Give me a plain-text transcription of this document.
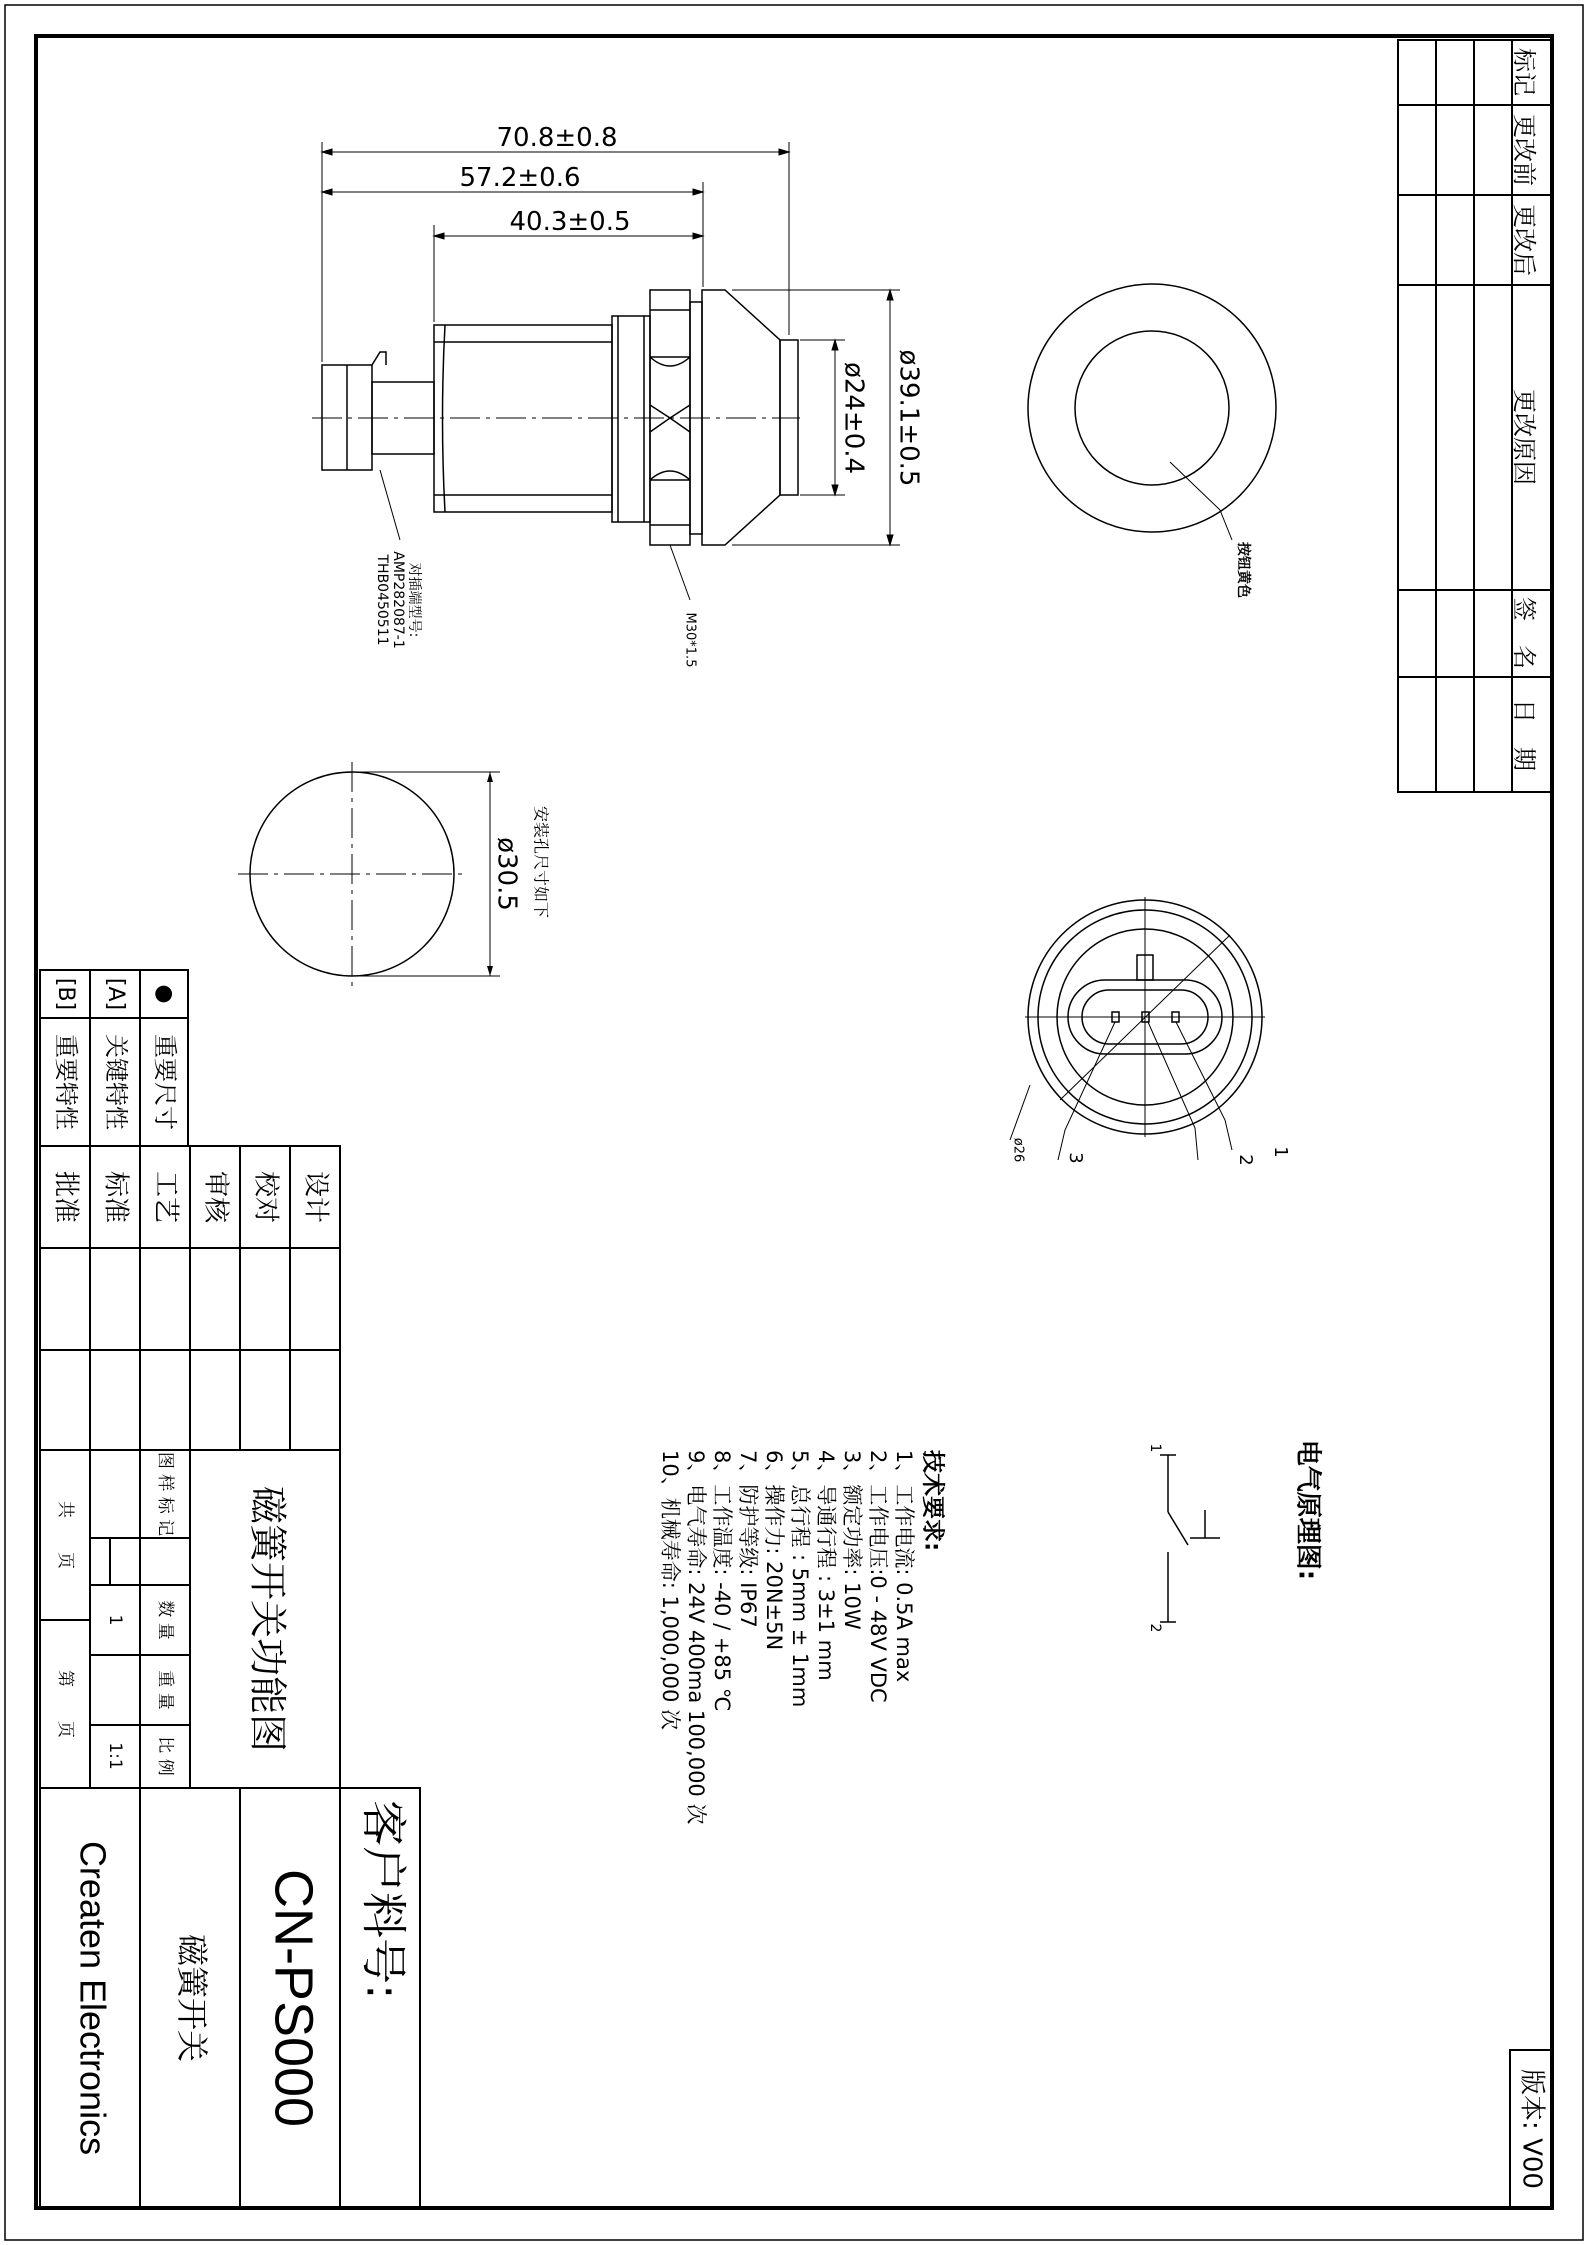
标记
更改前
更改后
更改原因
签　名
日　期
版本: V00
70.8±0.8
57.2±0.6
40.3±0.5
ø39.1±0.5
ø24±0.4
M30*1.5
对插端型号:
AMP282087-1
THB0450511	按钮黄色
ø30.5 安装孔尺寸如下
1
2
3
ø26
电气原理图:
1
2
技术要求:
1、工作电流: 0.5A max
2、工作电压:0 - 48V VDC
3、额定功率: 10W
4、导通行程 : 3±1 mm
5、总行程 : 5mm ± 1mm
6、操作力: 20N±5N
7、防护等级: IP67
8、工作温度: -40 / +85 ℃
9、电气寿命: 24V 400ma 100,000 次
10、机械寿命: 1,000,000 次
●
[A]
[B]
重要尺寸
关键特性
重要特性
设计
校对
审核
工艺
标准
批准
磁簧开关功能图
图 样 标 记
数 量
重 量
比 例
1
1:1
共　　页
第　　页
客户料号:
CN-PS000
磁簧开关
Createn Electronics
